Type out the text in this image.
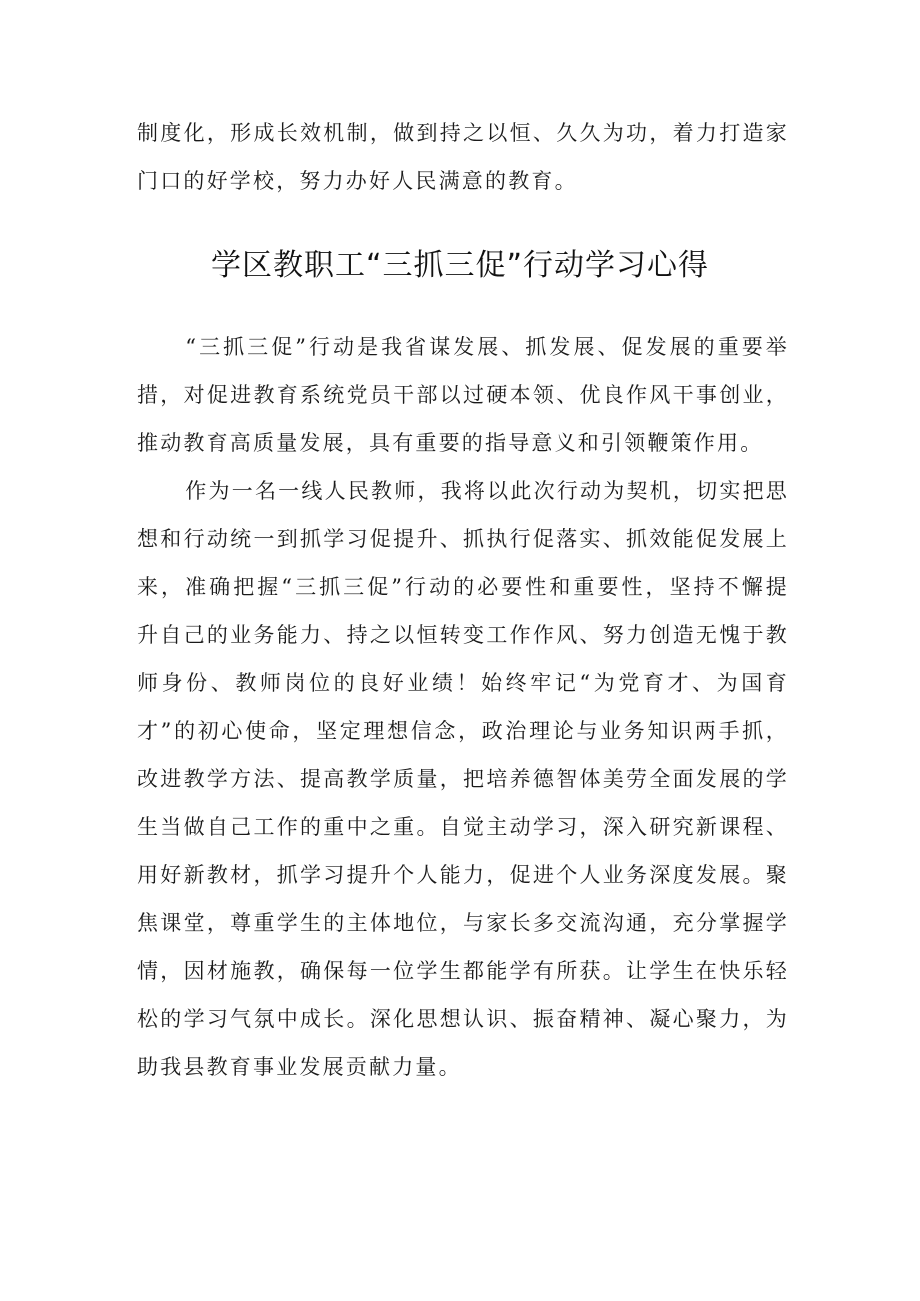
制度化，形成长效机制，做到持之以恒、久久为功，着力打造家门口的好学校，努力办好人民满意的教育。

学区教职工“三抓三促”行动学习心得

“三抓三促”行动是我省谋发展、抓发展、促发展的重要举措，对促进教育系统党员干部以过硬本领、优良作风干事创业，推动教育高质量发展，具有重要的指导意义和引领鞭策作用。

作为一名一线人民教师，我将以此次行动为契机，切实把思想和行动统一到抓学习促提升、抓执行促落实、抓效能促发展上来，准确把握“三抓三促”行动的必要性和重要性，坚持不懈提升自己的业务能力、持之以恒转变工作作风、努力创造无愧于教师身份、教师岗位的良好业绩！始终牢记“为党育才、为国育才”的初心使命，坚定理想信念，政治理论与业务知识两手抓，改进教学方法、提高教学质量，把培养德智体美劳全面发展的学生当做自己工作的重中之重。自觉主动学习，深入研究新课程、用好新教材，抓学习提升个人能力，促进个人业务深度发展。聚焦课堂，尊重学生的主体地位，与家长多交流沟通，充分掌握学情，因材施教，确保每一位学生都能学有所获。让学生在快乐轻松的学习气氛中成长。深化思想认识、振奋精神、凝心聚力，为助我县教育事业发展贡献力量。
